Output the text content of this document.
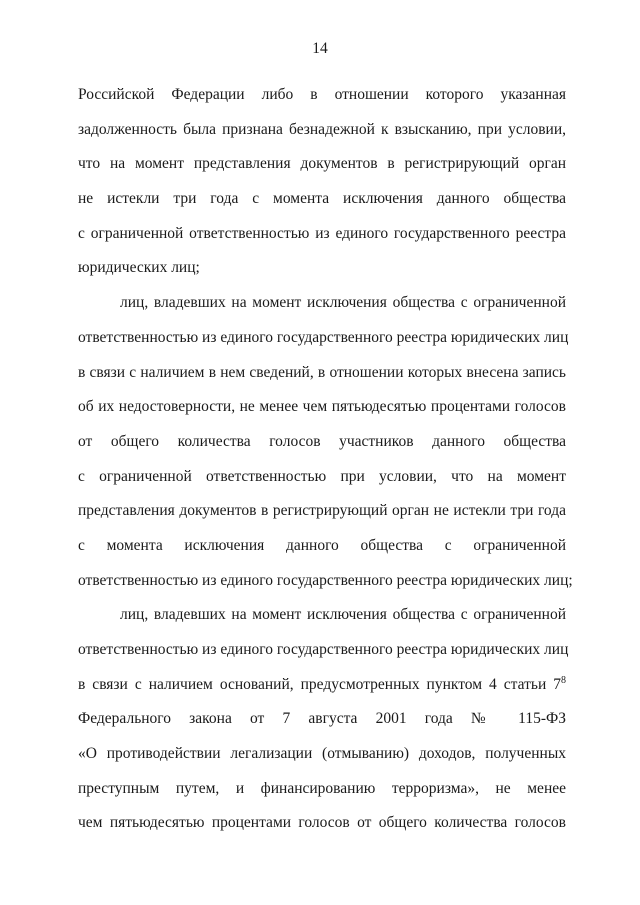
14
Российской Федерации либо в отношении которого указанная
задолженность была признана безнадежной к взысканию, при условии,
что на момент представления документов в регистрирующий орган
не истекли три года с момента исключения данного общества
с ограниченной ответственностью из единого государственного реестра
юридических лиц;
лиц, владевших на момент исключения общества с ограниченной
ответственностью из единого государственного реестра юридических лиц
в связи с наличием в нем сведений, в отношении которых внесена запись
об их недостоверности, не менее чем пятьюдесятью процентами голосов
от общего количества голосов участников данного общества
с ограниченной ответственностью при условии, что на момент
представления документов в регистрирующий орган не истекли три года
с момента исключения данного общества с ограниченной
ответственностью из единого государственного реестра юридических лиц;
лиц, владевших на момент исключения общества с ограниченной
ответственностью из единого государственного реестра юридических лиц
в связи с наличием оснований, предусмотренных пунктом 4 статьи $7^8$
Федерального закона от 7 августа 2001 года № 115-ФЗ
«О противодействии легализации (отмыванию) доходов, полученных
преступным путем, и финансированию терроризма», не менее
чем пятьюдесятью процентами голосов от общего количества голосов
